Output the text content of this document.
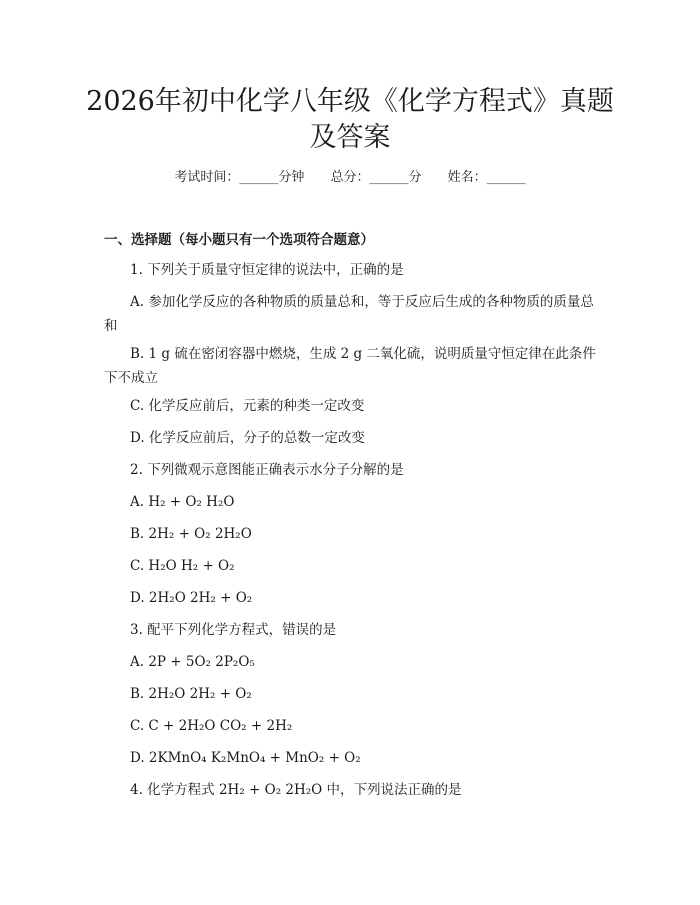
2026年初中化学八年级《化学方程式》真题
及答案
考试时间：______分钟 总分：______分 姓名：______
一、选择题（每小题只有一个选项符合题意）

1. 下列关于质量守恒定律的说法中，正确的是

A. 参加化学反应的各种物质的质量总和，等于反应后生成的各种物质的质量总和

B. 1 g 硫在密闭容器中燃烧，生成 2 g 二氧化硫，说明质量守恒定律在此条件下不成立

C. 化学反应前后，元素的种类一定改变

D. 化学反应前后，分子的总数一定改变

2. 下列微观示意图能正确表示水分子分解的是

A. H₂ + O₂ H₂O

B. 2H₂ + O₂ 2H₂O

C. H₂O H₂ + O₂

D. 2H₂O 2H₂ + O₂

3. 配平下列化学方程式，错误的是

A. 2P + 5O₂ 2P₂O₅

B. 2H₂O 2H₂ + O₂

C. C + 2H₂O CO₂ + 2H₂

D. 2KMnO₄ K₂MnO₄ + MnO₂ + O₂

4. 化学方程式 2H₂ + O₂ 2H₂O 中，下列说法正确的是
